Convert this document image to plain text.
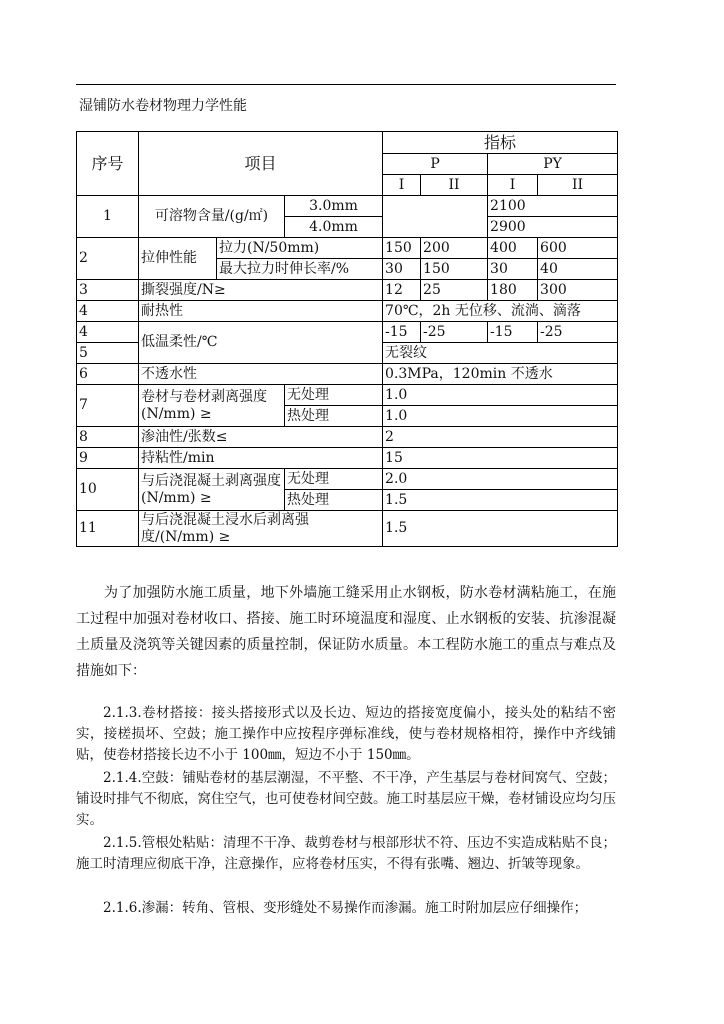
湿铺防水卷材物理力学性能
序号	项目			指标			
				P		PY	
				I	II	I	II
1	可溶物含量/(g/㎡)		3.0mm			2100	
			4.0mm			2900	
2	拉伸性能	拉力(N/50mm)		150	200	400	600
		最大拉力时伸长率/%		30	150	30	40
3	撕裂强度/N≥			12	25	180	300
4	耐热性			70℃，2h 无位移、流淌、滴落			
4	低温柔性/℃			-15	-25	-15	-25
5				无裂纹			
6	不透水性			0.3MPa，120min 不透水			
7	卷材与卷材剥离强度(N/mm) ≥		无处理	1.0			
			热处理	1.0			
8	渗油性/张数≤			2			
9	持粘性/min			15			
10	与后浇混凝土剥离强度(N/mm) ≥		无处理	2.0			
			热处理	1.5			
11	与后浇混凝土浸水后剥离强度/(N/mm) ≥			1.5			

为了加强防水施工质量，地下外墙施工缝采用止水钢板，防水卷材满粘施工，在施工过程中加强对卷材收口、搭接、施工时环境温度和湿度、止水钢板的安装、抗渗混凝土质量及浇筑等关键因素的质量控制，保证防水质量。本工程防水施工的重点与难点及措施如下：

2.1.3.卷材搭接：接头搭接形式以及长边、短边的搭接宽度偏小，接头处的粘结不密实，接槎损坏、空鼓；施工操作中应按程序弹标准线，使与卷材规格相符，操作中齐线铺贴，使卷材搭接长边不小于 100㎜，短边不小于 150㎜。

2.1.4.空鼓：铺贴卷材的基层潮湿，不平整、不干净，产生基层与卷材间窝气、空鼓；铺设时排气不彻底，窝住空气，也可使卷材间空鼓。施工时基层应干燥，卷材铺设应均匀压实。

2.1.5.管根处粘贴：清理不干净、裁剪卷材与根部形状不符、压边不实造成粘贴不良；施工时清理应彻底干净，注意操作，应将卷材压实，不得有张嘴、翘边、折皱等现象。

2.1.6.渗漏：转角、管根、变形缝处不易操作而渗漏。施工时附加层应仔细操作；
